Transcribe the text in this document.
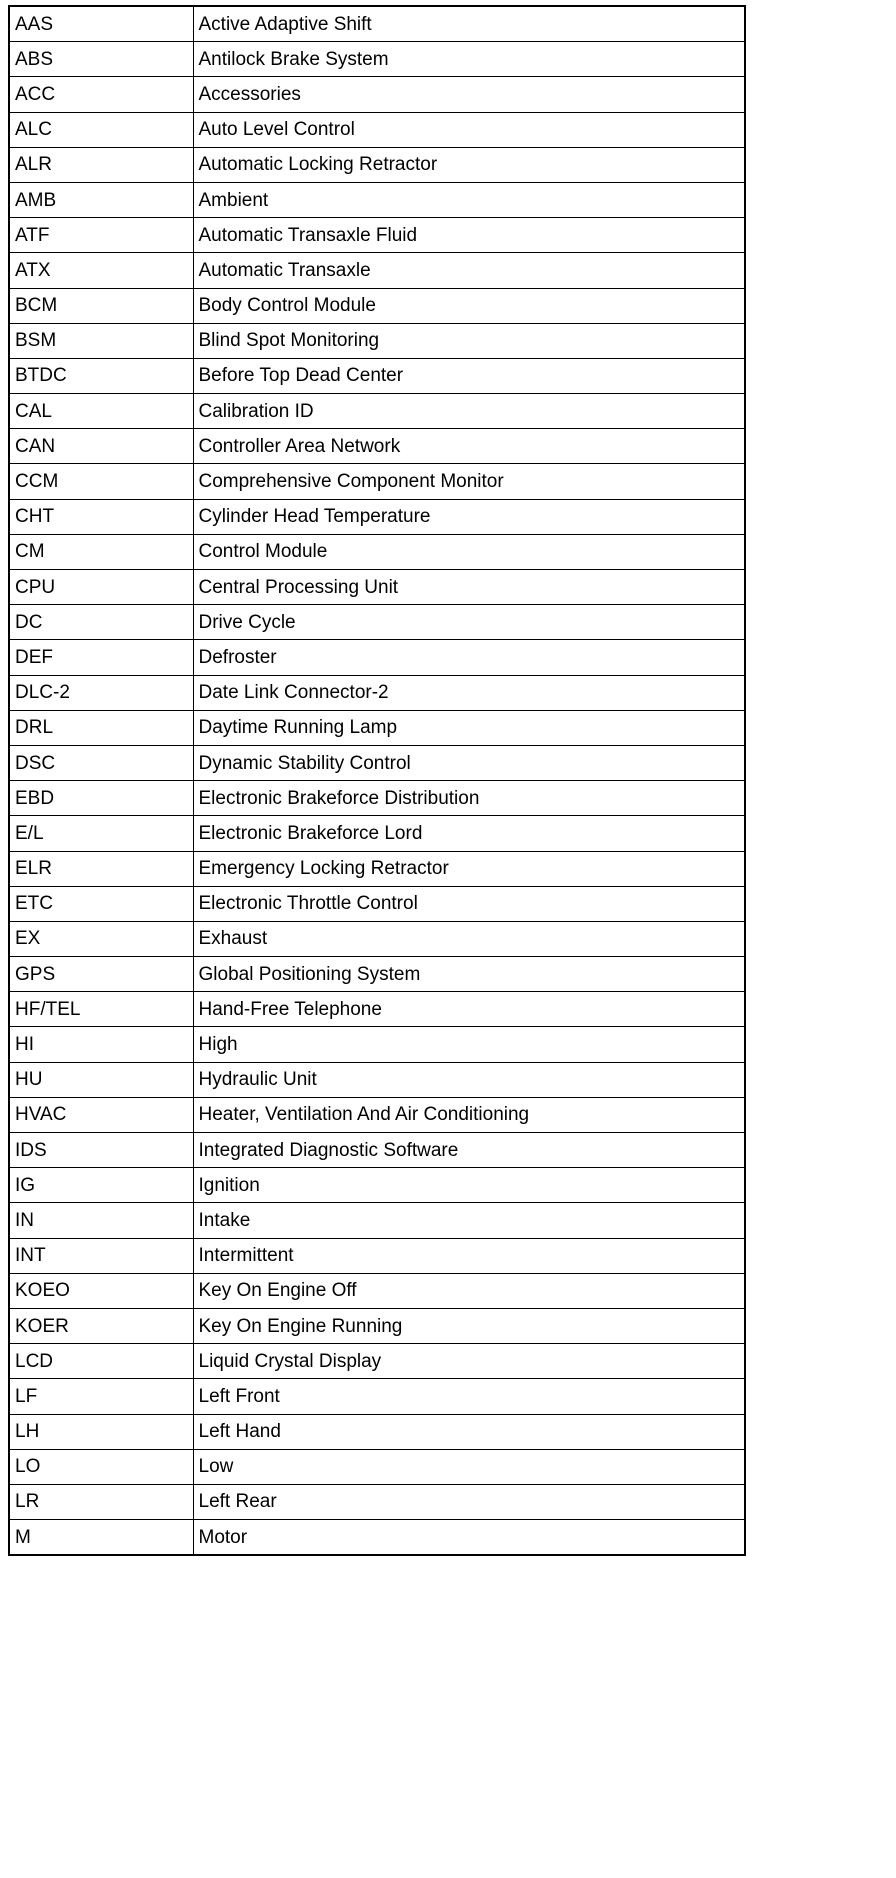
AAS	Active Adaptive Shift
ABS	Antilock Brake System
ACC	Accessories
ALC	Auto Level Control
ALR	Automatic Locking Retractor
AMB	Ambient
ATF	Automatic Transaxle Fluid
ATX	Automatic Transaxle
BCM	Body Control Module
BSM	Blind Spot Monitoring
BTDC	Before Top Dead Center
CAL	Calibration ID
CAN	Controller Area Network
CCM	Comprehensive Component Monitor
CHT	Cylinder Head Temperature
CM	Control Module
CPU	Central Processing Unit
DC	Drive Cycle
DEF	Defroster
DLC-2	Date Link Connector-2
DRL	Daytime Running Lamp
DSC	Dynamic Stability Control
EBD	Electronic Brakeforce Distribution
E/L	Electronic Brakeforce Lord
ELR	Emergency Locking Retractor
ETC	Electronic Throttle Control
EX	Exhaust
GPS	Global Positioning System
HF/TEL	Hand-Free Telephone
HI	High
HU	Hydraulic Unit
HVAC	Heater, Ventilation And Air Conditioning
IDS	Integrated Diagnostic Software
IG	Ignition
IN	Intake
INT	Intermittent
KOEO	Key On Engine Off
KOER	Key On Engine Running
LCD	Liquid Crystal Display
LF	Left Front
LH	Left Hand
LO	Low
LR	Left Rear
M	Motor
